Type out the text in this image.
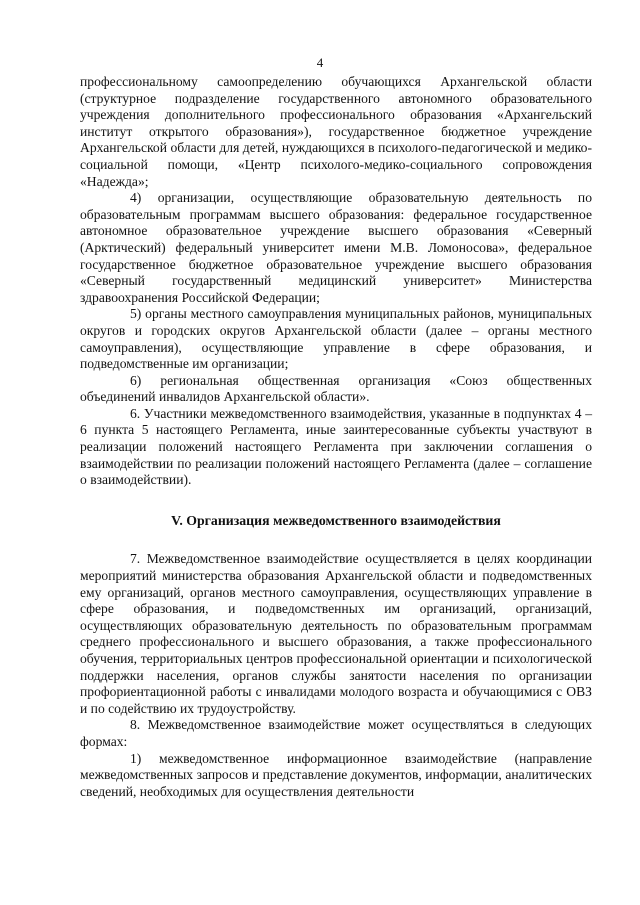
4

профессиональному самоопределению обучающихся Архангельской области (структурное подразделение государственного автономного образовательного учреждения дополнительного профессионального образования «Архангельский институт открытого образования»), государственное бюджетное учреждение Архангельской области для детей, нуждающихся в психолого-педагогической и медико-социальной помощи, «Центр психолого-медико-социального сопровождения «Надежда»;

4) организации, осуществляющие образовательную деятельность по образовательным программам высшего образования: федеральное государственное автономное образовательное учреждение высшего образования «Северный (Арктический) федеральный университет имени М.В. Ломоносова», федеральное государственное бюджетное образовательное учреждение высшего образования «Северный государственный медицинский университет» Министерства здравоохранения Российской Федерации;

5) органы местного самоуправления муниципальных районов, муниципальных округов и городских округов Архангельской области (далее – органы местного самоуправления), осуществляющие управление в сфере образования, и подведомственные им организации;

6) региональная общественная организация «Союз общественных объединений инвалидов Архангельской области».

6. Участники межведомственного взаимодействия, указанные в подпунктах 4 – 6 пункта 5 настоящего Регламента, иные заинтересованные субъекты участвуют в реализации положений настоящего Регламента при заключении соглашения о взаимодействии по реализации положений настоящего Регламента (далее – соглашение о взаимодействии).

V. Организация межведомственного взаимодействия

7. Межведомственное взаимодействие осуществляется в целях координации мероприятий министерства образования Архангельской области и подведомственных ему организаций, органов местного самоуправления, осуществляющих управление в сфере образования, и подведомственных им организаций, организаций, осуществляющих образовательную деятельность по образовательным программам среднего профессионального и высшего образования, а также профессионального обучения, территориальных центров профессиональной ориентации и психологической поддержки населения, органов службы занятости населения по организации профориентационной работы с инвалидами молодого возраста и обучающимися с ОВЗ и по содействию их трудоустройству.

8. Межведомственное взаимодействие может осуществляться в следующих формах:

1) межведомственное информационное взаимодействие (направление межведомственных запросов и представление документов, информации, аналитических сведений, необходимых для осуществления деятельности
